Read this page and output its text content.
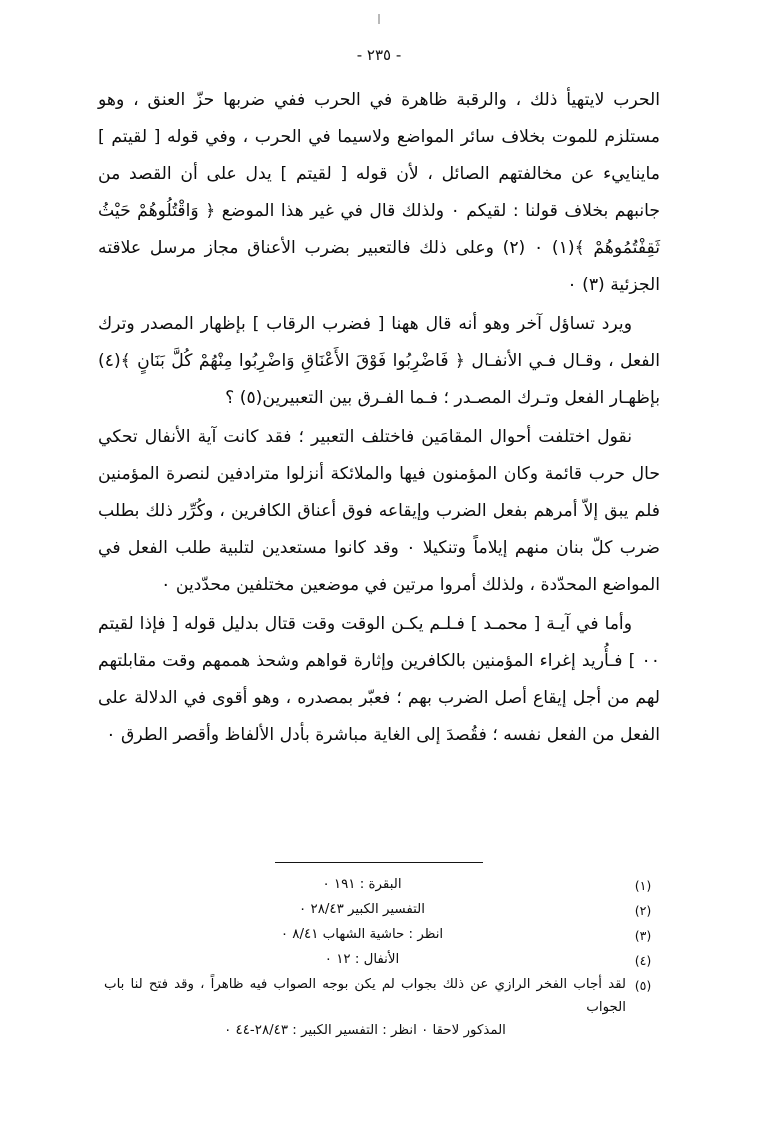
- ٢٣٥ -

الحرب لايتهيأ ذلك ، والرقبة ظاهرة في الحرب ففي ضربها حزّ العنق ، وهو مستلزم للموت بخلاف سائر المواضع ولاسيما في الحرب ، وفي قوله [ لقيتم ] مايناييء عن مخالفتهم الصائل ، لأن قوله [ لقيتم ] يدل على أن القصد من جانبهم بخلاف قولنا : لقيكم ٠ ولذلك قال في غير هذا الموضع ﴿ وَاقْتُلُوهُمْ حَيْثُ ثَقِفْتُمُوهُمْ ﴾(١) ٠ (٢) وعلى ذلك فالتعبير بضرب الأعناق مجاز مرسل علاقته الجزئية (٣) ٠

ويرد تساؤل آخر وهو أنه قال ههنا [ فضرب الرقاب ] بإظهار المصدر وترك الفعل ، وقـال فـي الأنفـال ﴿ فَاضْرِبُوا فَوْقَ الأَعْنَاقِ وَاضْرِبُوا مِنْهُمْ كُلَّ بَنَانٍ ﴾(٤) بإظهـار الفعل وتـرك المصـدر ؛ فـما الفـرق بين التعبيرين(٥) ؟

نقول اختلفت أحوال المقامَين فاختلف التعبير ؛ فقد كانت آية الأنفال تحكي حال حرب قائمة وكان المؤمنون فيها والملائكة أنزلوا مترادفين لنصرة المؤمنين فلم يبق إلاّ أمرهم بفعل الضرب وإيقاعه فوق أعناق الكافرين ، وكُرِّر ذلك بطلب ضرب كلّ بنان منهم إيلاماً وتنكيلا ٠ وقد كانوا مستعدين لتلبية طلب الفعل في المواضع المحدّدة ، ولذلك أمروا مرتين في موضعين مختلفين محدّدين ٠

وأما في آيـة [ محمـد ] فـلـم يكـن الوقت وقت قتال بدليل قوله [ فإذا لقيتم ٠٠ ] فـأُريد إغراء المؤمنين بالكافرين وإثارة قواهم وشحذ هممهم وقت مقابلتهم لهم من أجل إيقاع أصل الضرب بهم ؛ فعبّر بمصدره ، وهو أقوى في الدلالة على الفعل من الفعل نفسه ؛ فقُصدَ إلى الغاية مباشرة بأدل الألفاظ وأقصر الطرق ٠

(١)
البقرة : ١٩١ ٠
(٢)
التفسير الكبير ٢٨/٤٣ ٠
(٣)
انظر : حاشية الشهاب ٨/٤١ ٠
(٤)
الأنفال : ١٢ ٠
(٥)
لقد أجاب الفخر الرازي عن ذلك بجواب لم يكن بوجه الصواب فيه ظاهراً ، وقد فتح لنا باب الجواب
المذكور لاحقا ٠ انظر : التفسير الكبير : ٢٨/٤٣-٤٤ ٠
